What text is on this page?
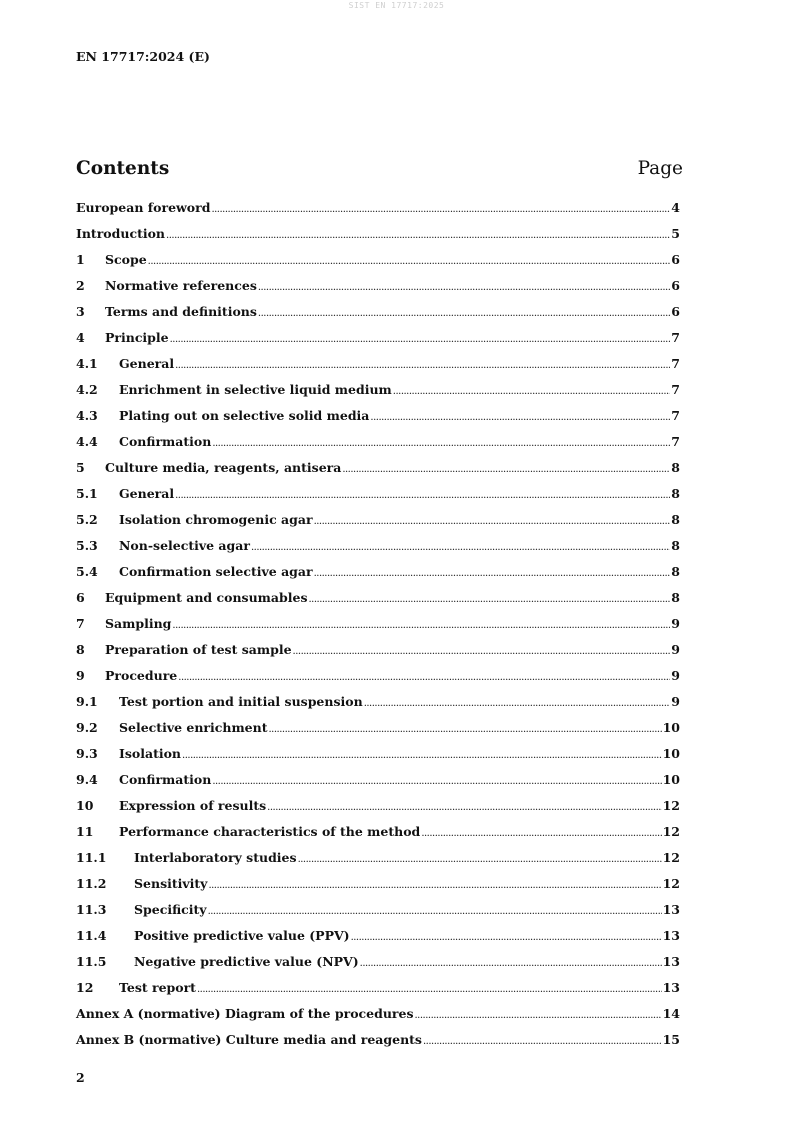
SIST EN 17717:2025
EN 17717:2024 (E)
Contents	Page
European foreword .....	4
Introduction .....	5
1	Scope .....	6
2	Normative references .....	6
3	Terms and definitions .....	6
4	Principle .....	7
4.1	General .....	7
4.2	Enrichment in selective liquid medium .....	7
4.3	Plating out on selective solid media .....	7
4.4	Confirmation .....	7
5	Culture media, reagents, antisera .....	8
5.1	General .....	8
5.2	Isolation chromogenic agar .....	8
5.3	Non-selective agar .....	8
5.4	Confirmation selective agar .....	8
6	Equipment and consumables .....	8
7	Sampling .....	9
8	Preparation of test sample .....	9
9	Procedure .....	9
9.1	Test portion and initial suspension .....	9
9.2	Selective enrichment .....	10
9.3	Isolation .....	10
9.4	Confirmation .....	10
10	Expression of results .....	12
11	Performance characteristics of the method .....	12
11.1	Interlaboratory studies .....	12
11.2	Sensitivity .....	12
11.3	Specificity .....	13
11.4	Positive predictive value (PPV) .....	13
11.5	Negative predictive value (NPV) .....	13
12	Test report .....	13
Annex A (normative) Diagram of the procedures .....	14
Annex B (normative) Culture media and reagents .....	15
2
